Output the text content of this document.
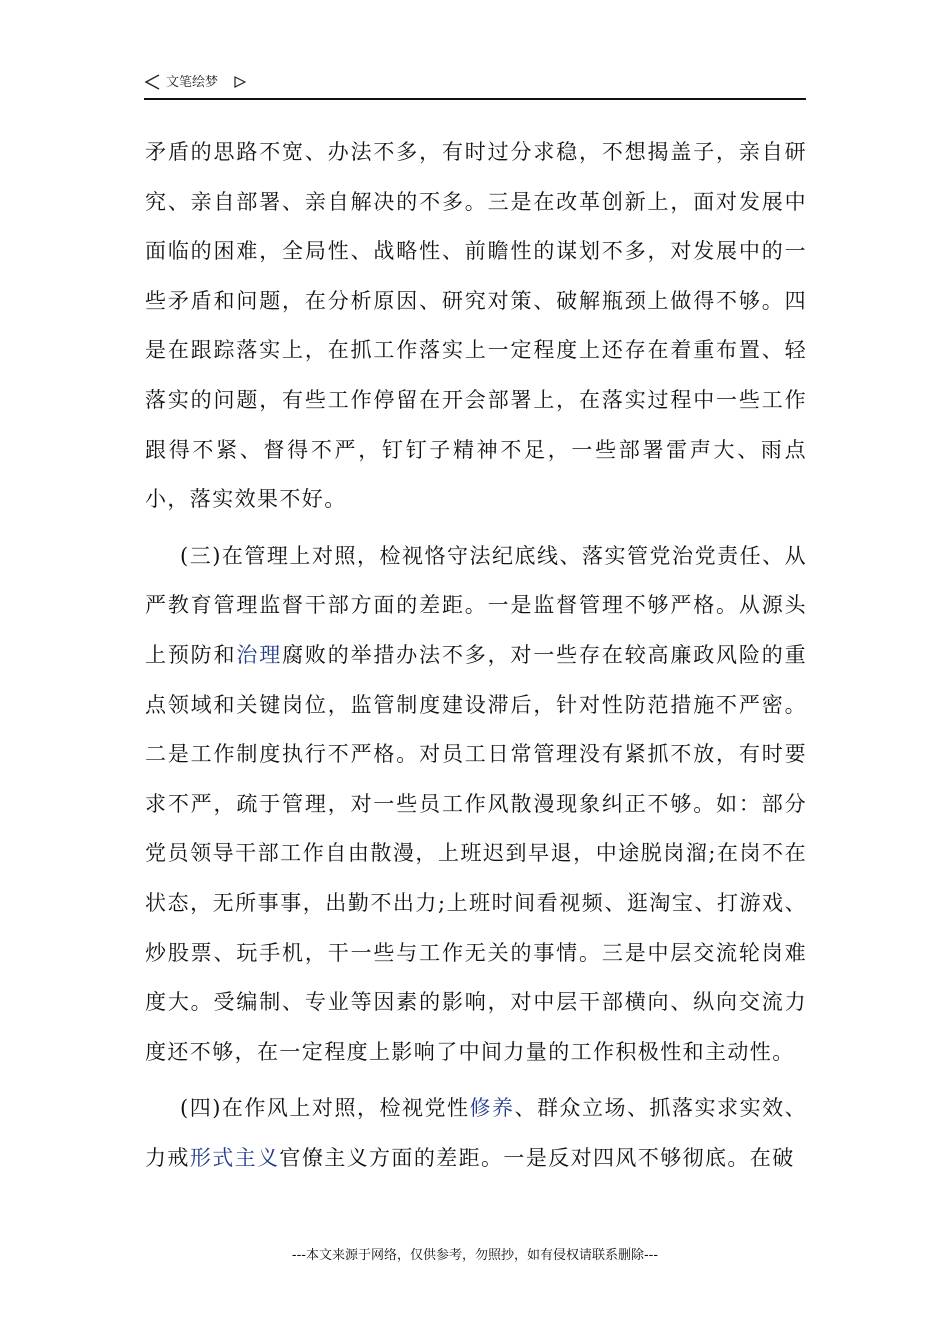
文笔绘梦

矛盾的思路不宽、办法不多，有时过分求稳，不想揭盖子，亲自研究、亲自部署、亲自解决的不多。三是在改革创新上，面对发展中面临的困难，全局性、战略性、前瞻性的谋划不多，对发展中的一些矛盾和问题，在分析原因、研究对策、破解瓶颈上做得不够。四是在跟踪落实上，在抓工作落实上一定程度上还存在着重布置、轻落实的问题，有些工作停留在开会部署上，在落实过程中一些工作跟得不紧、督得不严，钉钉子精神不足，一些部署雷声大、雨点小，落实效果不好。

(三)在管理上对照，检视恪守法纪底线、落实管党治党责任、从严教育管理监督干部方面的差距。一是监督管理不够严格。从源头上预防和治理腐败的举措办法不多，对一些存在较高廉政风险的重点领域和关键岗位，监管制度建设滞后，针对性防范措施不严密。二是工作制度执行不严格。对员工日常管理没有紧抓不放，有时要求不严，疏于管理，对一些员工作风散漫现象纠正不够。如：部分党员领导干部工作自由散漫，上班迟到早退，中途脱岗溜;在岗不在状态，无所事事，出勤不出力;上班时间看视频、逛淘宝、打游戏、炒股票、玩手机，干一些与工作无关的事情。三是中层交流轮岗难度大。受编制、专业等因素的影响，对中层干部横向、纵向交流力度还不够，在一定程度上影响了中间力量的工作积极性和主动性。

(四)在作风上对照，检视党性修养、群众立场、抓落实求实效、力戒形式主义官僚主义方面的差距。一是反对四风不够彻底。在破

---本文来源于网络，仅供参考，勿照抄，如有侵权请联系删除---
